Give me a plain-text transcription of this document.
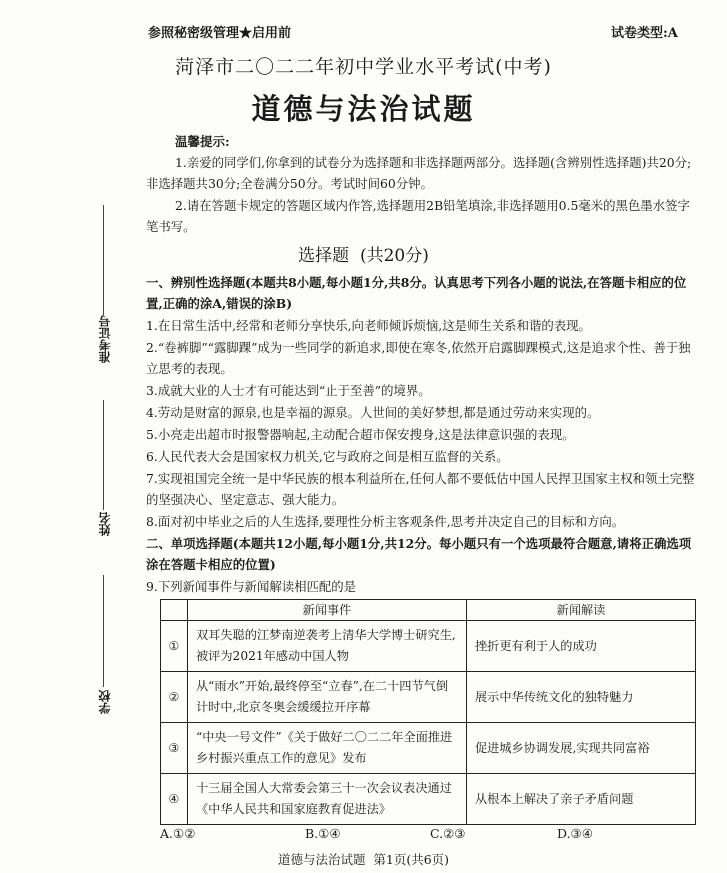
参照秘密级管理★启用前	试卷类型:A
菏泽市二〇二二年初中学业水平考试(中考)
道德与法治试题
温馨提示:
1.亲爱的同学们,你拿到的试卷分为选择题和非选择题两部分。选择题(含辨别性选择题)共20分;非选择题共30分;全卷满分50分。考试时间60分钟。
2.请在答题卡规定的答题区域内作答,选择题用2B铅笔填涂,非选择题用0.5毫米的黑色墨水签字笔书写。
选择题  (共20分)
一、辨别性选择题(本题共8小题,每小题1分,共8分。认真思考下列各小题的说法,在答题卡相应的位置,正确的涂A,错误的涂B)
1.在日常生活中,经常和老师分享快乐,向老师倾诉烦恼,这是师生关系和谐的表现。
2.“卷裤脚”“露脚踝”成为一些同学的新追求,即使在寒冬,依然开启露脚踝模式,这是追求个性、善于独立思考的表现。
3.成就大业的人士才有可能达到“止于至善”的境界。
4.劳动是财富的源泉,也是幸福的源泉。人世间的美好梦想,都是通过劳动来实现的。
5.小亮走出超市时报警器响起,主动配合超市保安搜身,这是法律意识强的表现。
6.人民代表大会是国家权力机关,它与政府之间是相互监督的关系。
7.实现祖国完全统一是中华民族的根本利益所在,任何人都不要低估中国人民捍卫国家主权和领土完整的坚强决心、坚定意志、强大能力。
8.面对初中毕业之后的人生选择,要理性分析主客观条件,思考并决定自己的目标和方向。
二、单项选择题(本题共12小题,每小题1分,共12分。每小题只有一个选项最符合题意,请将正确选项涂在答题卡相应的位置)
9.下列新闻事件与新闻解读相匹配的是
	新闻事件	新闻解读
①	双耳失聪的江梦南逆袭考上清华大学博士研究生,被评为2021年感动中国人物	挫折更有利于人的成功
②	从“雨水”开始,最终停至“立春”,在二十四节气倒计时中,北京冬奥会缓缓拉开序幕	展示中华传统文化的独特魅力
③	“中央一号文件”《关于做好二〇二二年全面推进乡村振兴重点工作的意见》发布	促进城乡协调发展,实现共同富裕
④	十三届全国人大常委会第三十一次会议表决通过《中华人民共和国家庭教育促进法》	从根本上解决了亲子矛盾问题
A.①②	B.①④	C.②③	D.③④
道德与法治试题  第1页(共6页)
准考证号
姓名
学校
